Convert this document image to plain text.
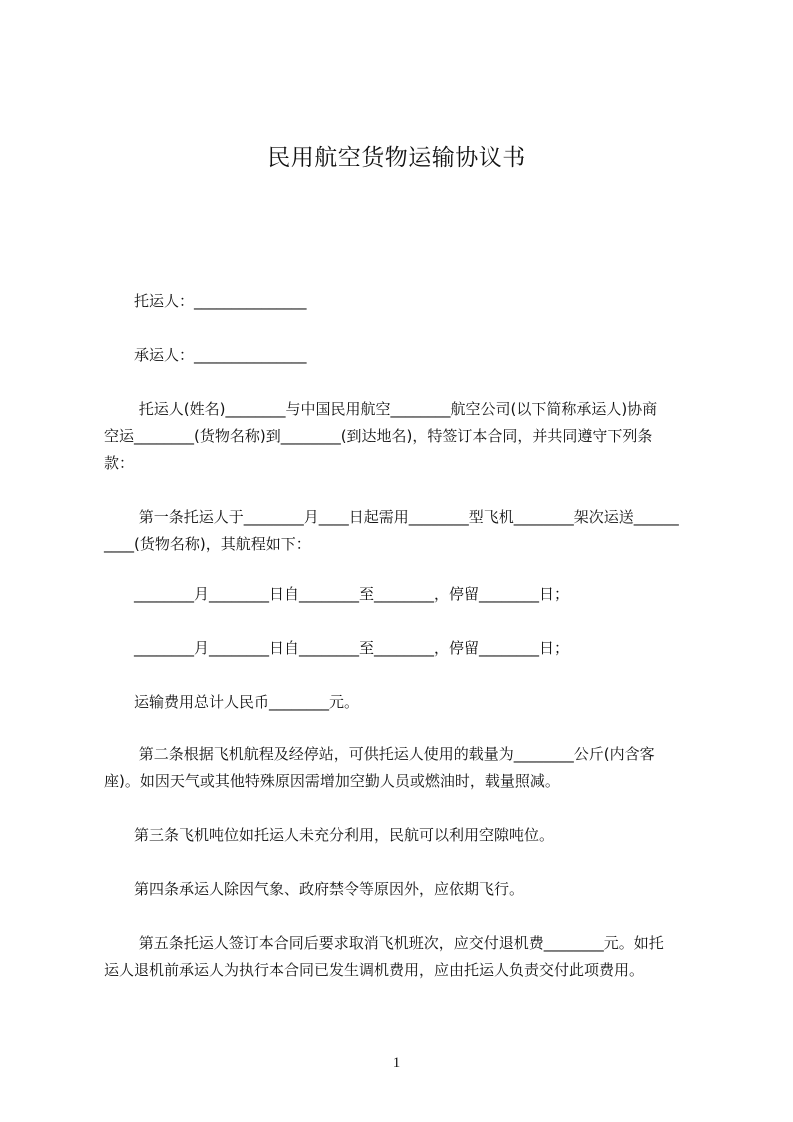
民用航空货物运输协议书

　　托运人：_______________

　　承运人：_______________

　　 托运人(姓名)________与中国民用航空________航空公司(以下简称承运人)协商

空运________(货物名称)到________(到达地名)，特签订本合同，并共同遵守下列条

款：

　　 第一条托运人于________月____日起需用________型飞机________架次运送______

____(货物名称)，其航程如下：

　　________月________日自________至________，停留________日；

　　________月________日自________至________，停留________日；

　　运输费用总计人民币________元。

　　 第二条根据飞机航程及经停站，可供托运人使用的载量为________公斤(内含客

座)。如因天气或其他特殊原因需增加空勤人员或燃油时，载量照减。

　　第三条飞机吨位如托运人未充分利用，民航可以利用空隙吨位。

　　第四条承运人除因气象、政府禁令等原因外，应依期飞行。

　　 第五条托运人签订本合同后要求取消飞机班次，应交付退机费________元。如托

运人退机前承运人为执行本合同已发生调机费用，应由托运人负责交付此项费用。

1
